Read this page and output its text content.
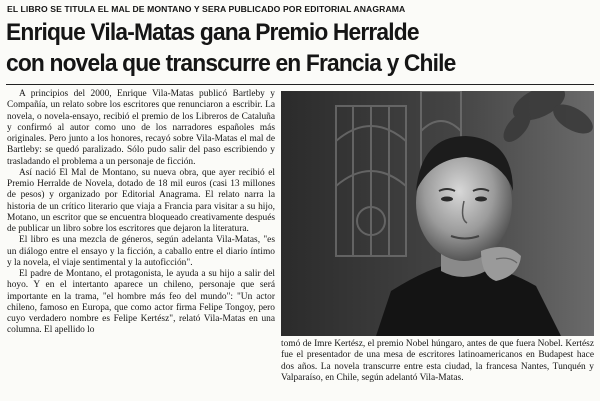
EL LIBRO SE TITULA EL MAL DE MONTANO Y SERA PUBLICADO POR EDITORIAL ANAGRAMA
Enrique Vila-Matas gana Premio Herralde
con novela que transcurre en Francia y Chile

A principios del 2000, Enrique Vila-Matas publicó Bartleby y Compañía, un relato sobre los escritores que renunciaron a escribir. La novela, o novela-ensayo, recibió el premio de los Libreros de Cataluña y confirmó al autor como uno de los narradores españoles más originales. Pero junto a los honores, recayó sobre Vila-Matas el mal de Bartleby: se quedó paralizado. Sólo pudo salir del paso escribiendo y trasladando el problema a un personaje de ficción.

Así nació El Mal de Montano, su nueva obra, que ayer recibió el Premio Herralde de Novela, dotado de 18 mil euros (casi 13 millones de pesos) y organizado por Editorial Anagrama. El relato narra la historia de un crítico literario que viaja a Francia para visitar a su hijo, Motano, un escritor que se encuentra bloqueado creativamente después de publicar un libro sobre los escritores que dejaron la literatura.

El libro es una mezcla de géneros, según adelanta Vila-Matas, "es un diálogo entre el ensayo y la ficción, a caballo entre el diario íntimo y la novela, el viaje sentimental y la autoficción".

El padre de Montano, el protagonista, le ayuda a su hijo a salir del hoyo. Y en el intertanto aparece un chileno, personaje que será importante en la trama, "el hombre más feo del mundo": "Un actor chileno, famoso en Europa, que como actor firma Felipe Tongoy, pero cuyo verdadero nombre es Felipe Kertész", relató Vila-Matas en una columna. El apellido lo

tomó de Imre Kertész, el premio Nobel húngaro, antes de que fuera Nobel. Kertész fue el presentador de una mesa de escritores latinoamericanos en Budapest hace dos años. La novela transcurre entre esta ciudad, la francesa Nantes, Tunquén y Valparaíso, en Chile, según adelantó Vila-Matas.
